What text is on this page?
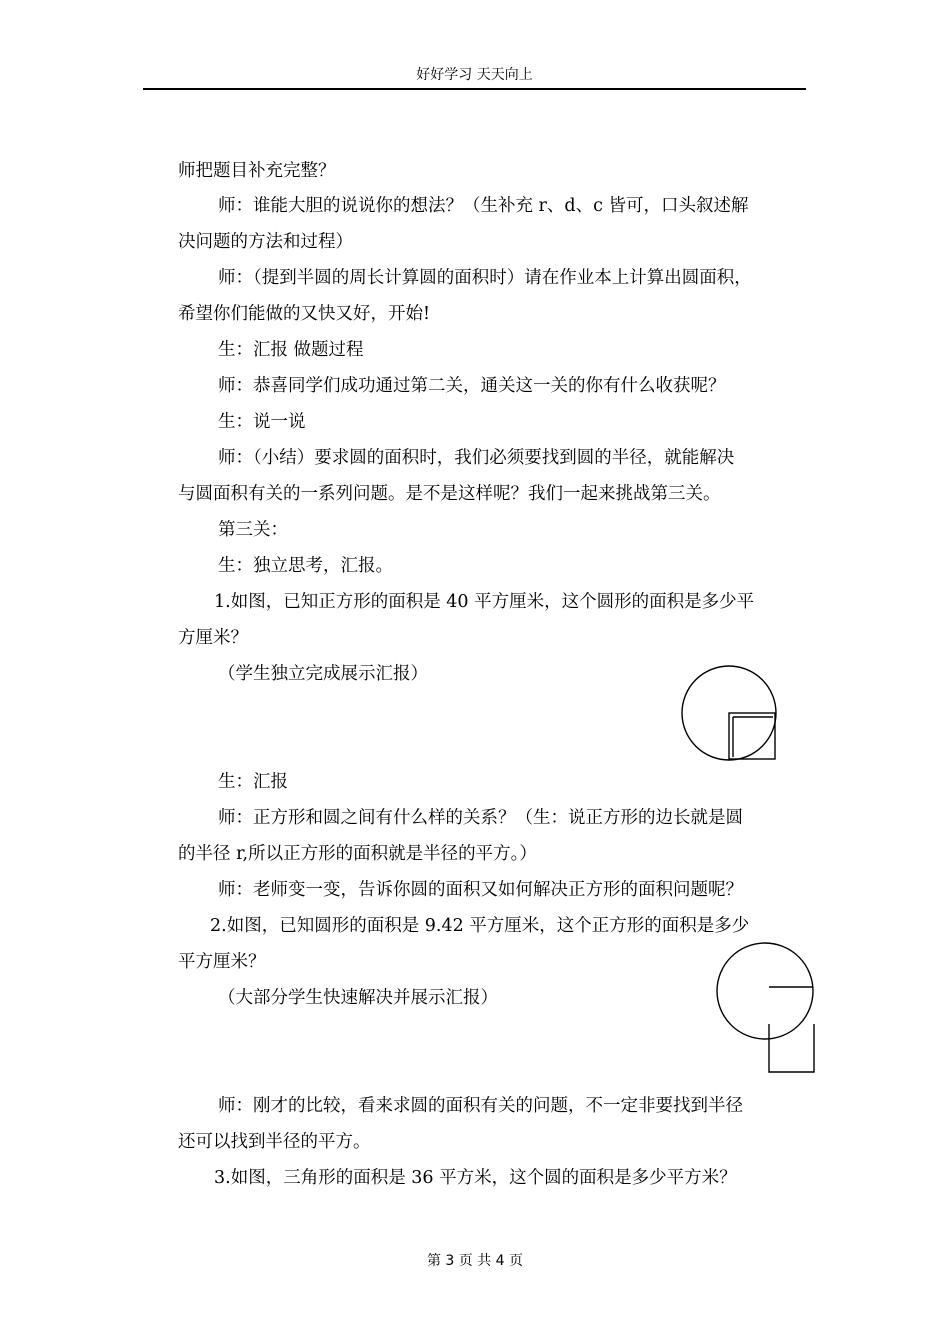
好好学习 天天向上
师把题目补充完整？
师：谁能大胆的说说你的想法？（生补充 r、d、c 皆可，口头叙述解
决问题的方法和过程）
师：（提到半圆的周长计算圆的面积时）请在作业本上计算出圆面积，
希望你们能做的又快又好，开始!
生：汇报 做题过程
师：恭喜同学们成功通过第二关，通关这一关的你有什么收获呢？
生：说一说
师：（小结）要求圆的面积时，我们必须要找到圆的半径，就能解决
与圆面积有关的一系列问题。是不是这样呢？我们一起来挑战第三关。
第三关：
生：独立思考，汇报。
1.如图，已知正方形的面积是 40 平方厘米，这个圆形的面积是多少平
方厘米？
（学生独立完成展示汇报）
生：汇报
师：正方形和圆之间有什么样的关系？（生：说正方形的边长就是圆
的半径 r,所以正方形的面积就是半径的平方。）
师：老师变一变，告诉你圆的面积又如何解决正方形的面积问题呢？
2.如图，已知圆形的面积是 9.42 平方厘米，这个正方形的面积是多少
平方厘米？
（大部分学生快速解决并展示汇报）
师：刚才的比较，看来求圆的面积有关的问题，不一定非要找到半径
还可以找到半径的平方。
3.如图，三角形的面积是 36 平方米，这个圆的面积是多少平方米？
第 3 页 共 4 页
